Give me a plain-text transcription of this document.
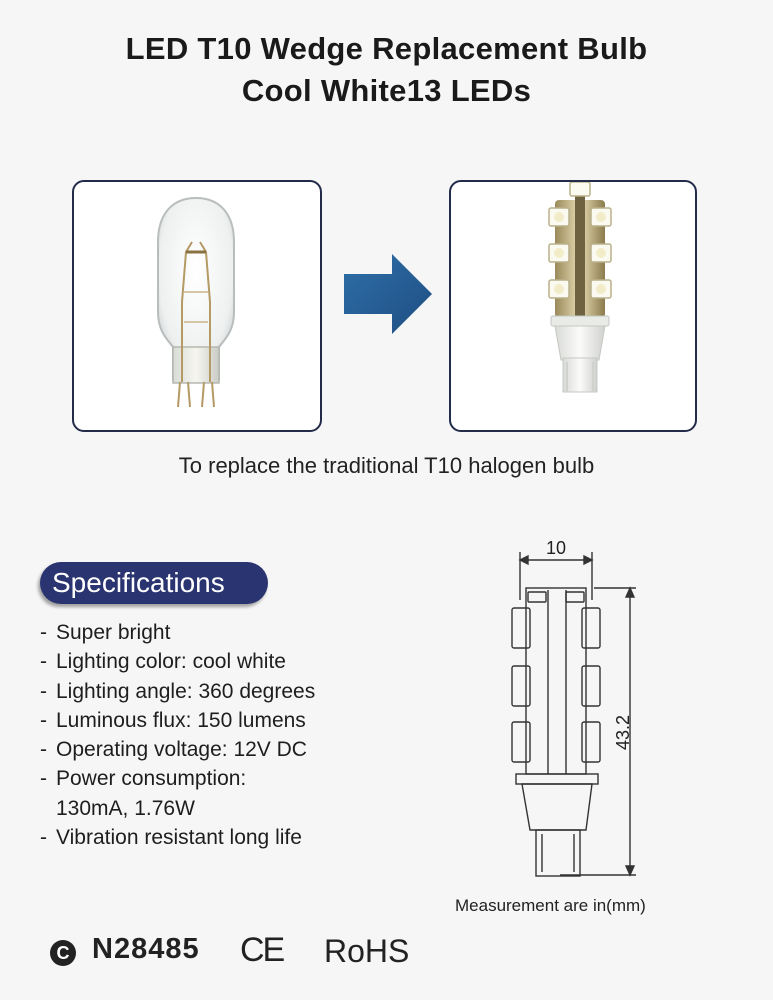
LED T10 Wedge Replacement Bulb
Cool White13 LEDs
To replace the traditional T10 halogen bulb
Specifications
- Super bright
- Lighting color: cool white
- Lighting angle: 360 degrees
- Luminous flux: 150 lumens
- Operating voltage: 12V DC
- Power consumption:
130mA, 1.76W
- Vibration resistant long life
10
43.2
Measurement are in(mm)
C N28485 CE RoHS
